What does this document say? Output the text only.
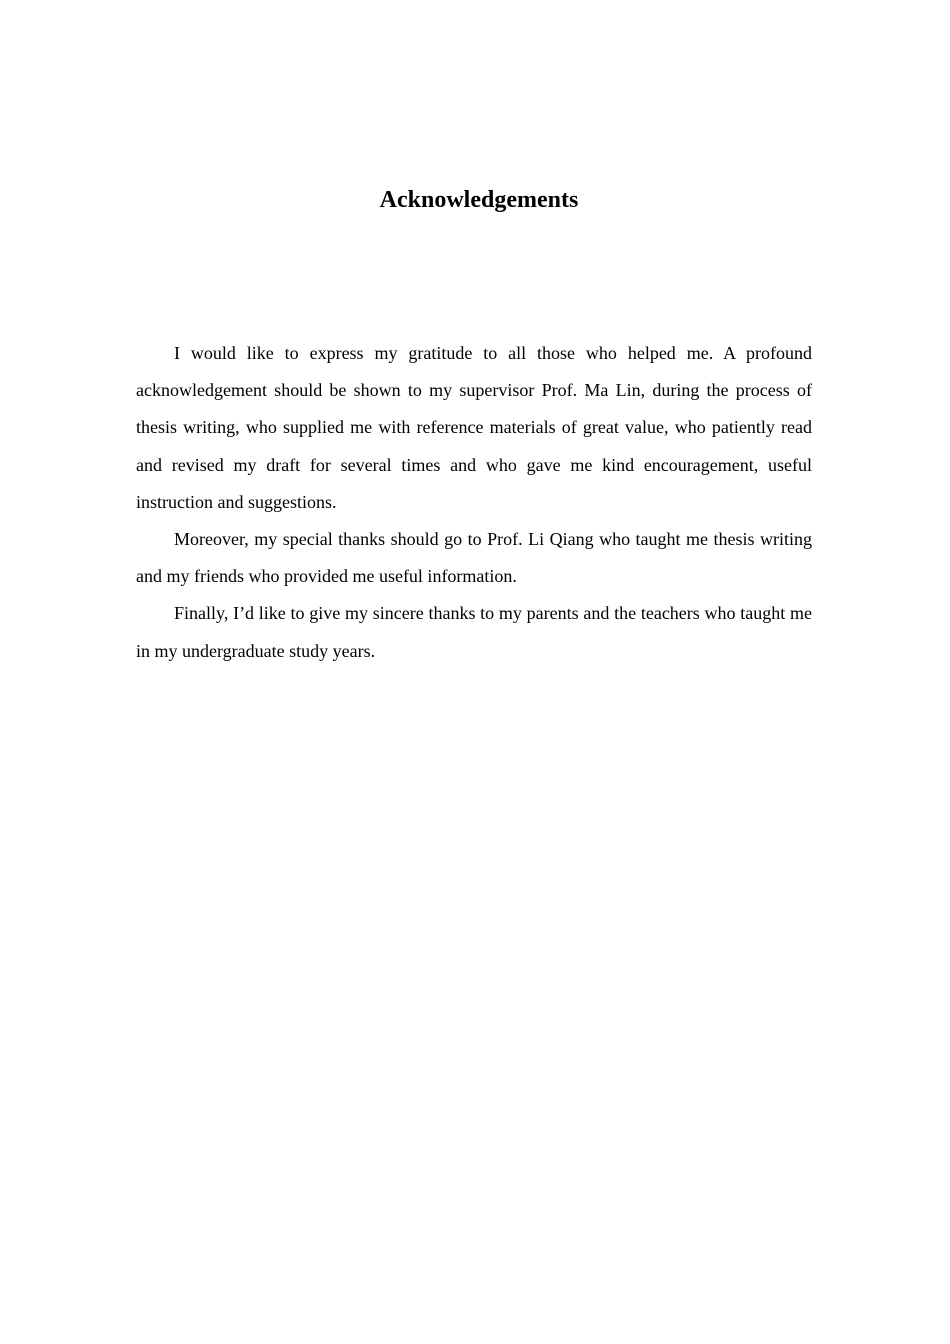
Acknowledgements

I would like to express my gratitude to all those who helped me. A profound acknowledgement should be shown to my supervisor Prof. Ma Lin, during the process of thesis writing, who supplied me with reference materials of great value, who patiently read and revised my draft for several times and who gave me kind encouragement, useful instruction and suggestions.

Moreover, my special thanks should go to Prof. Li Qiang who taught me thesis writing and my friends who provided me useful information.

Finally, I’d like to give my sincere thanks to my parents and the teachers who taught me in my undergraduate study years.
